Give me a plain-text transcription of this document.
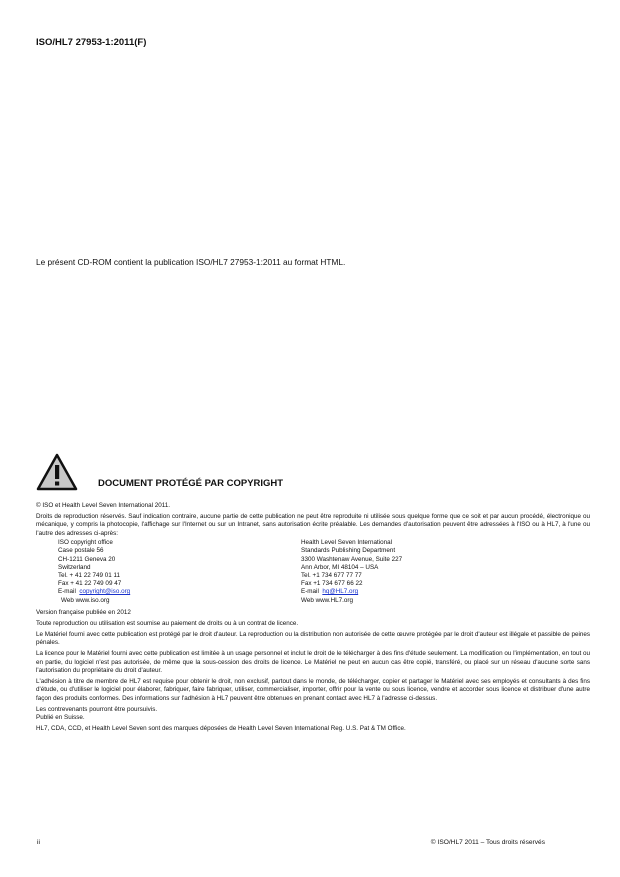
ISO/HL7 27953-1:2011(F)
Le présent CD-ROM contient la publication ISO/HL7 27953-1:2011 au format HTML.
DOCUMENT PROTÉGÉ PAR COPYRIGHT

© ISO et Health Level Seven International 2011.

Droits de reproduction réservés. Sauf indication contraire, aucune partie de cette publication ne peut être reproduite ni utilisée sous quelque forme que ce soit et par aucun procédé, électronique ou mécanique, y compris la photocopie, l'affichage sur l'Internet ou sur un Intranet, sans autorisation écrite préalable. Les demandes d'autorisation peuvent être adressées à l'ISO ou à HL7, à l'une ou l'autre des adresses ci-après:

ISO copyright office
Case postale 56
CH-1211 Geneva 20
Switzerland
Tel. + 41 22 749 01 11
Fax + 41 22 749 09 47
E-mail copyright@iso.org
Web www.iso.org
Health Level Seven International
Standards Publishing Department
3300 Washtenaw Avenue, Suite 227
Ann Arbor, MI 48104 – USA
Tel. +1 734 677 77 77
Fax +1 734 677 66 22
E-mail hq@HL7.org
Web www.HL7.org

Version française publiée en 2012

Toute reproduction ou utilisation est soumise au paiement de droits ou à un contrat de licence.

Le Matériel fourni avec cette publication est protégé par le droit d'auteur. La reproduction ou la distribution non autorisée de cette œuvre protégée par le droit d'auteur est illégale et passible de peines pénales.

La licence pour le Matériel fourni avec cette publication est limitée à un usage personnel et inclut le droit de le télécharger à des fins d'étude seulement. La modification ou l'implémentation, en tout ou en partie, du logiciel n'est pas autorisée, de même que la sous-cession des droits de licence. Le Matériel ne peut en aucun cas être copié, transféré, ou placé sur un réseau d'aucune sorte sans l'autorisation du propriétaire du droit d'auteur.

L'adhésion à titre de membre de HL7 est requise pour obtenir le droit, non exclusif, partout dans le monde, de télécharger, copier et partager le Matériel avec ses employés et consultants à des fins d'étude, ou d'utiliser le logiciel pour élaborer, fabriquer, faire fabriquer, utiliser, commercialiser, importer, offrir pour la vente ou sous licence, vendre et accorder sous licence et distribuer d'une autre façon des produits conformes. Des informations sur l'adhésion à HL7 peuvent être obtenues en prenant contact avec HL7 à l'adresse ci-dessus.

Les contrevenants pourront être poursuivis.

Publié en Suisse.

HL7, CDA, CCD, et Health Level Seven sont des marques déposées de Health Level Seven International Reg. U.S. Pat & TM Office.

ii	© ISO/HL7 2011 – Tous droits réservés
